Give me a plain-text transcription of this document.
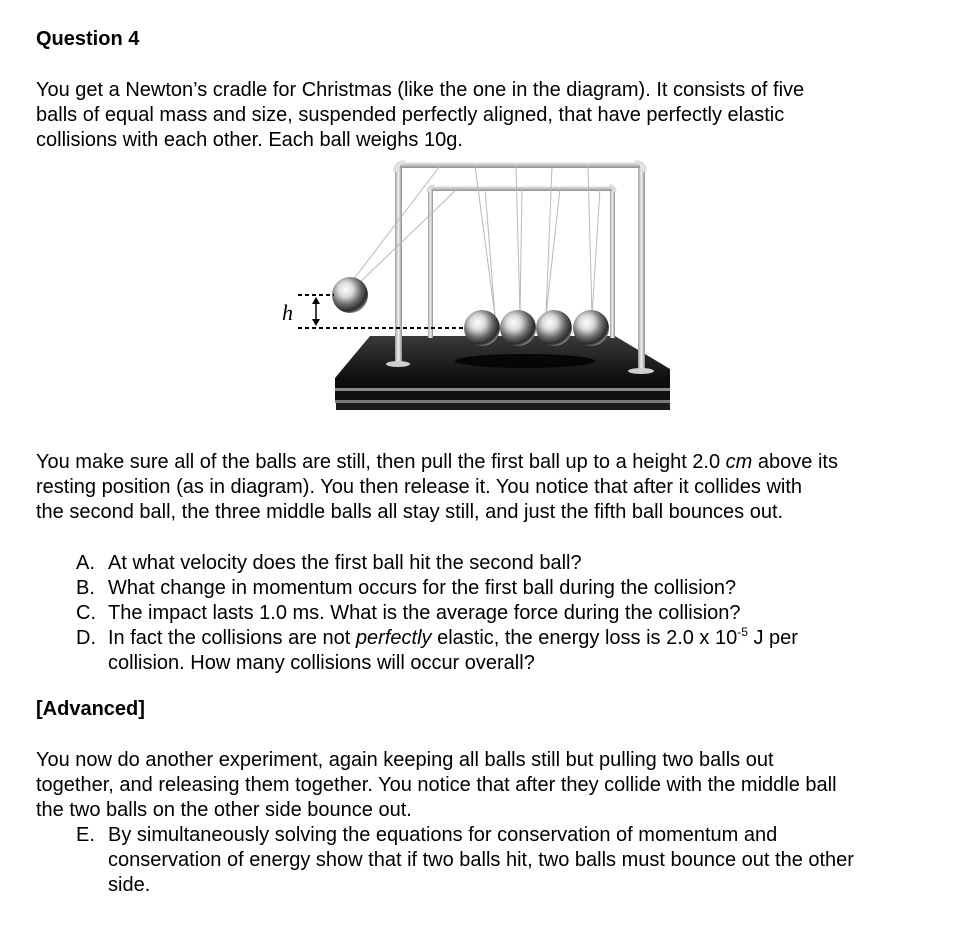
Question 4
You get a Newton’s cradle for Christmas (like the one in the diagram). It consists of five
balls of equal mass and size, suspended perfectly aligned, that have perfectly elastic
collisions with each other. Each ball weighs 10g.
h
You make sure all of the balls are still, then pull the first ball up to a height 2.0 cm above its
resting position (as in diagram). You then release it. You notice that after it collides with
the second ball, the three middle balls all stay still, and just the fifth ball bounces out.
A. At what velocity does the first ball hit the second ball?
B. What change in momentum occurs for the first ball during the collision?
C. The impact lasts 1.0 ms. What is the average force during the collision?
D. In fact the collisions are not perfectly elastic, the energy loss is 2.0 x $10^{-5}$ J per
collision. How many collisions will occur overall?
[Advanced]
You now do another experiment, again keeping all balls still but pulling two balls out
together, and releasing them together. You notice that after they collide with the middle ball
the two balls on the other side bounce out.
E. By simultaneously solving the equations for conservation of momentum and
conservation of energy show that if two balls hit, two balls must bounce out the other
side.
